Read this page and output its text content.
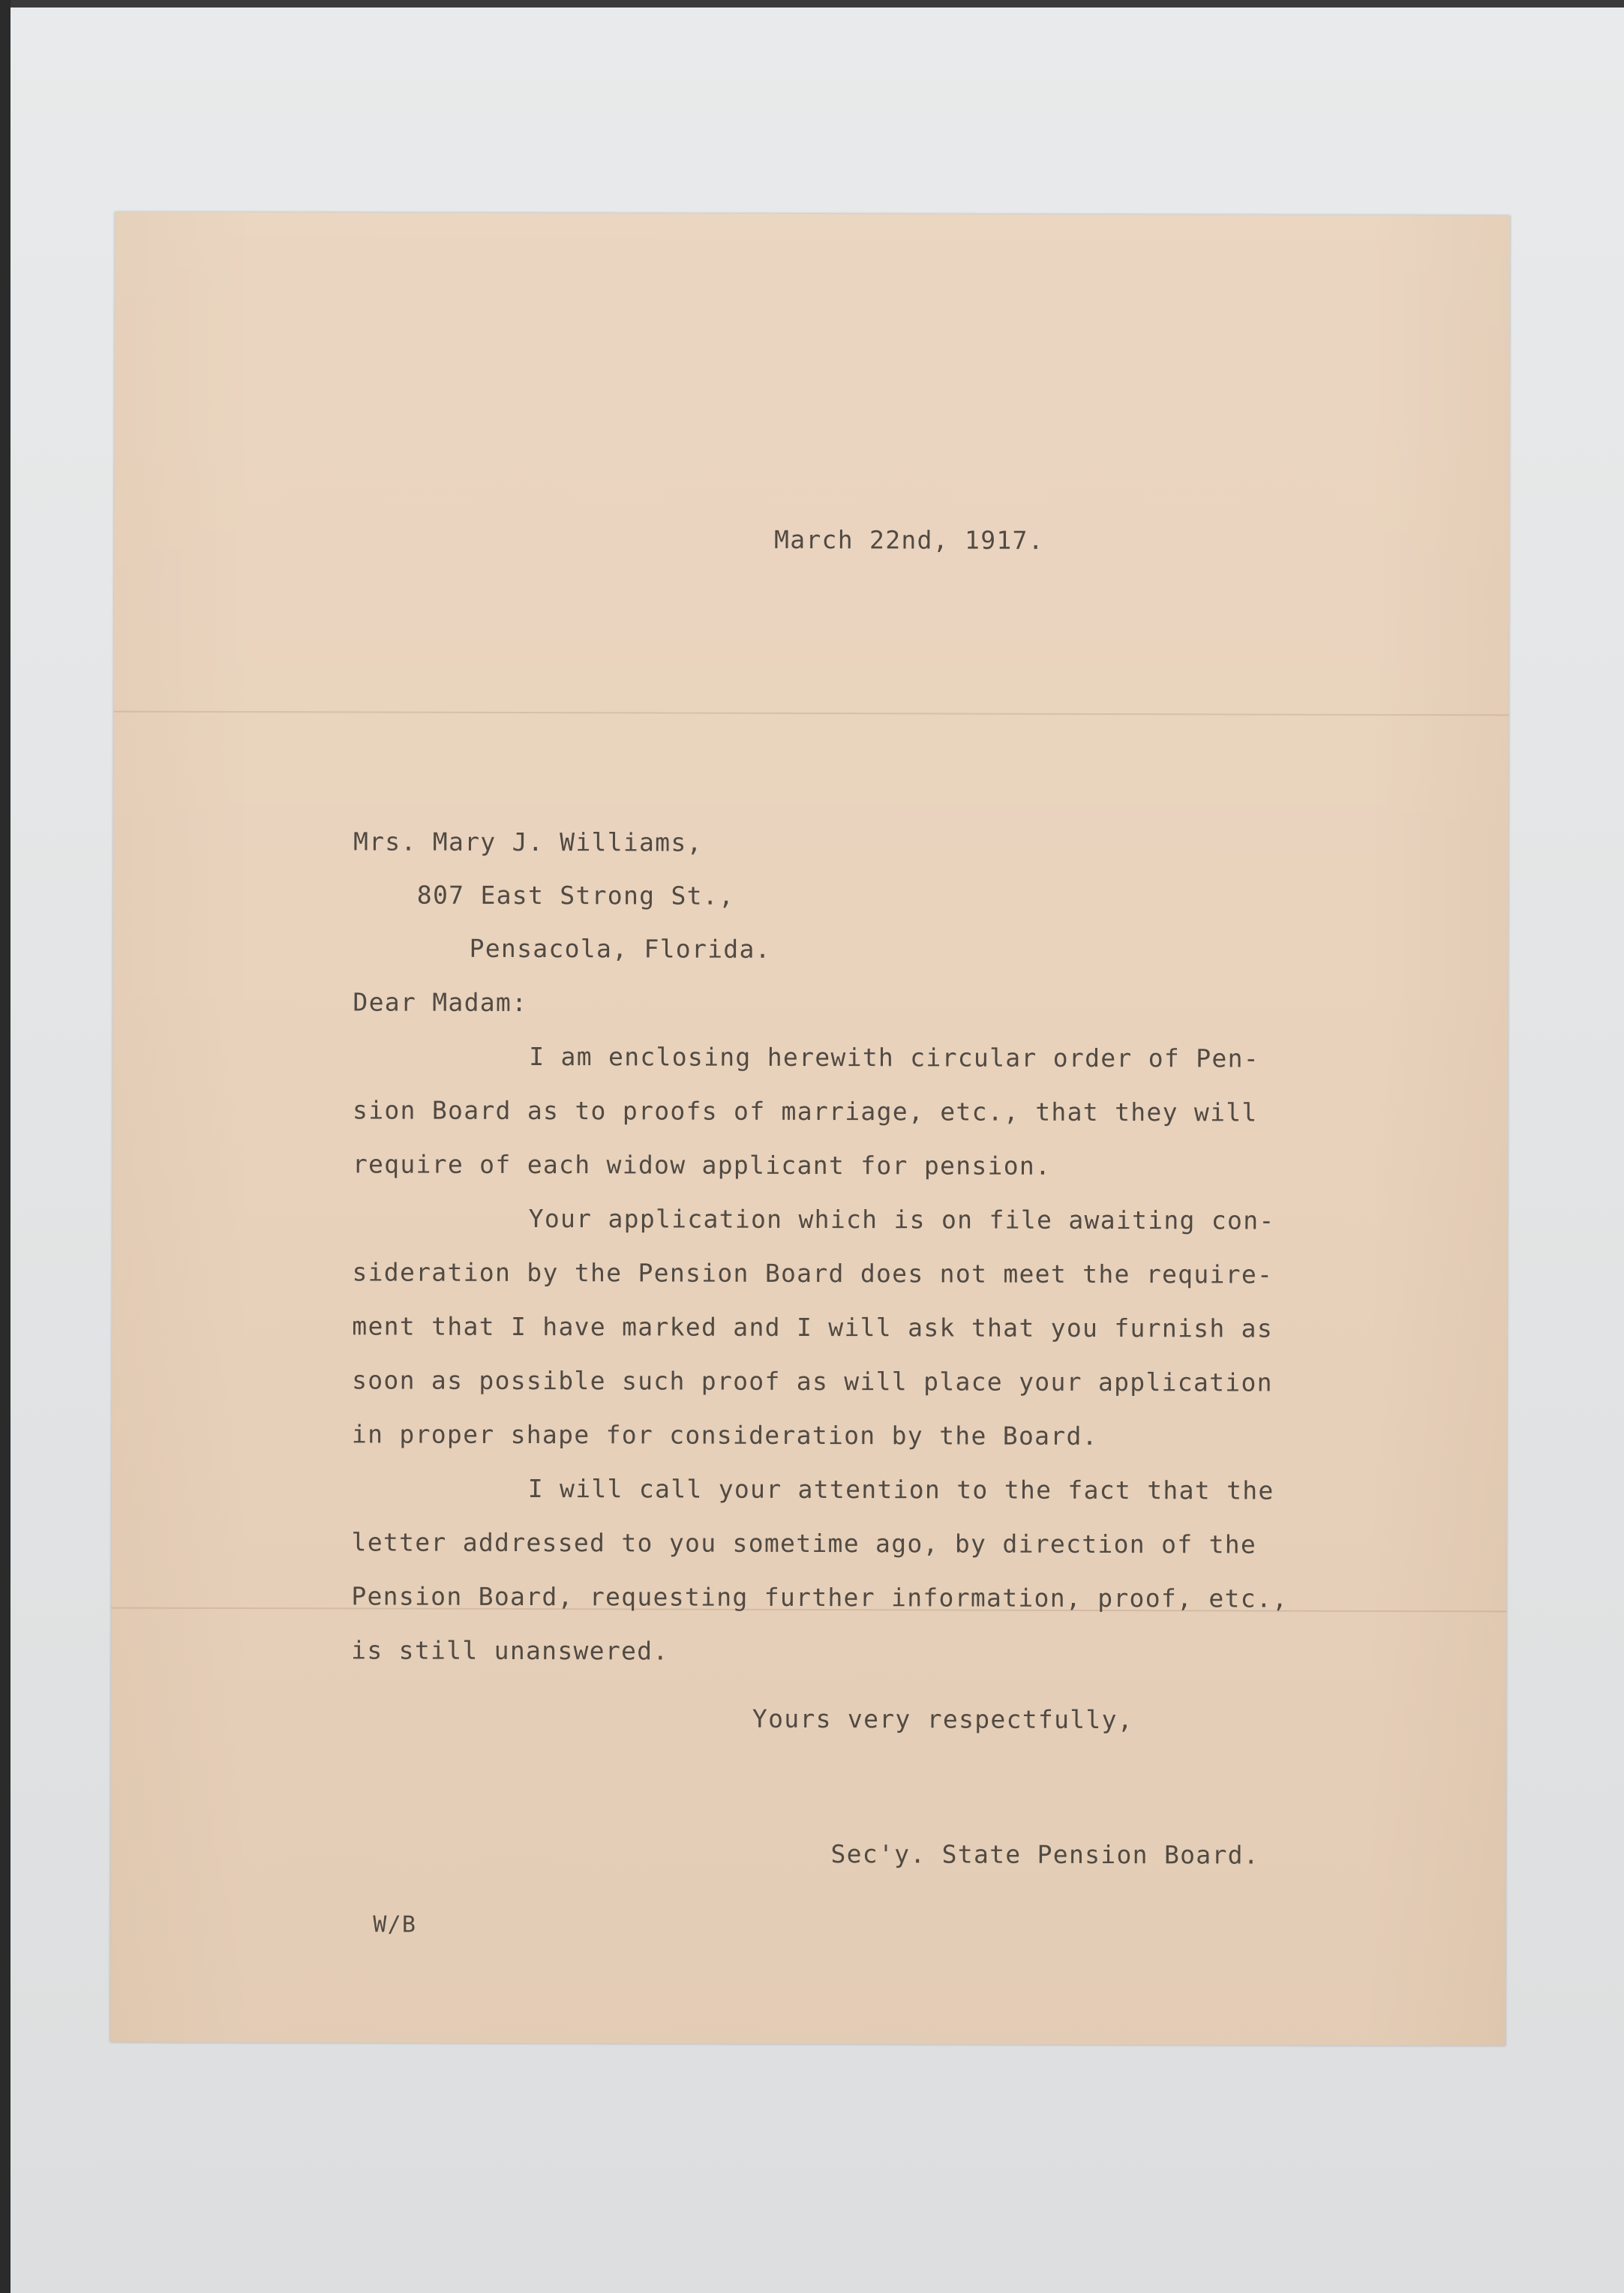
March 22nd, 1917.
Mrs. Mary J. Williams,
807 East Strong St.,
Pensacola, Florida.
Dear Madam:
I am enclosing herewith circular order of Pen-
sion Board as to proofs of marriage, etc., that they will
require of each widow applicant for pension.
Your application which is on file awaiting con-
sideration by the Pension Board does not meet the require-
ment that I have marked and I will ask that you furnish as
soon as possible such proof as will place your application
in proper shape for consideration by the Board.
I will call your attention to the fact that the
letter addressed to you sometime ago, by direction of the
Pension Board, requesting further information, proof, etc.,
is still unanswered.
Yours very respectfully,
Sec'y. State Pension Board.
W/B
